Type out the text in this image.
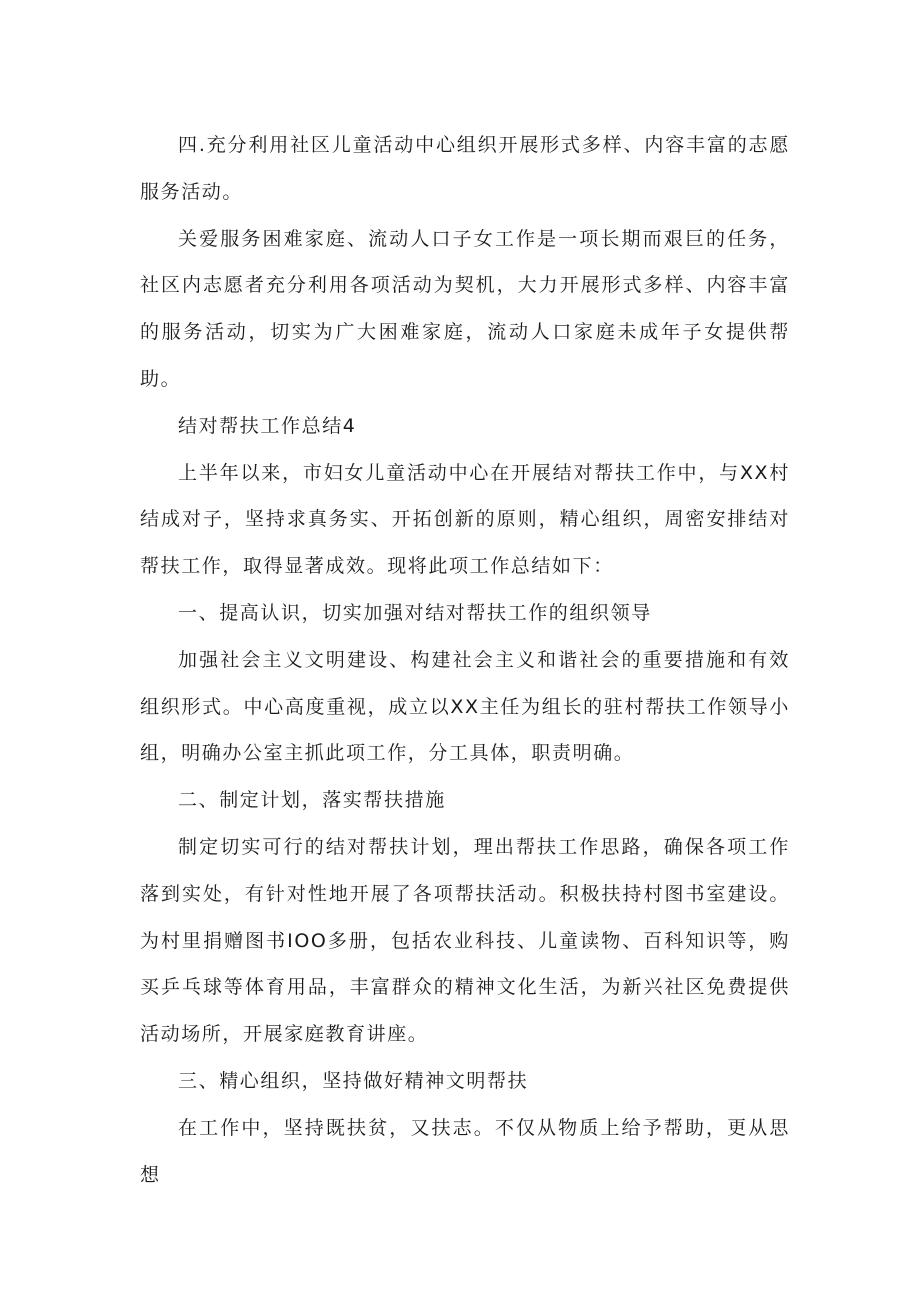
四.充分利用社区儿童活动中心组织开展形式多样、内容丰富的志愿服务活动。

关爱服务困难家庭、流动人口子女工作是一项长期而艰巨的任务，社区内志愿者充分利用各项活动为契机，大力开展形式多样、内容丰富的服务活动，切实为广大困难家庭，流动人口家庭未成年子女提供帮助。

结对帮扶工作总结4

上半年以来，市妇女儿童活动中心在开展结对帮扶工作中，与XX村结成对子，坚持求真务实、开拓创新的原则，精心组织，周密安排结对帮扶工作，取得显著成效。现将此项工作总结如下：

一、提高认识，切实加强对结对帮扶工作的组织领导

加强社会主义文明建设、构建社会主义和谐社会的重要措施和有效组织形式。中心高度重视，成立以XX主任为组长的驻村帮扶工作领导小组，明确办公室主抓此项工作，分工具体，职责明确。

二、制定计划，落实帮扶措施

制定切实可行的结对帮扶计划，理出帮扶工作思路，确保各项工作落到实处，有针对性地开展了各项帮扶活动。积极扶持村图书室建设。为村里捐赠图书IOO多册，包括农业科技、儿童读物、百科知识等，购买乒乓球等体育用品，丰富群众的精神文化生活，为新兴社区免费提供活动场所，开展家庭教育讲座。

三、精心组织，坚持做好精神文明帮扶

在工作中，坚持既扶贫，又扶志。不仅从物质上给予帮助，更从思想
